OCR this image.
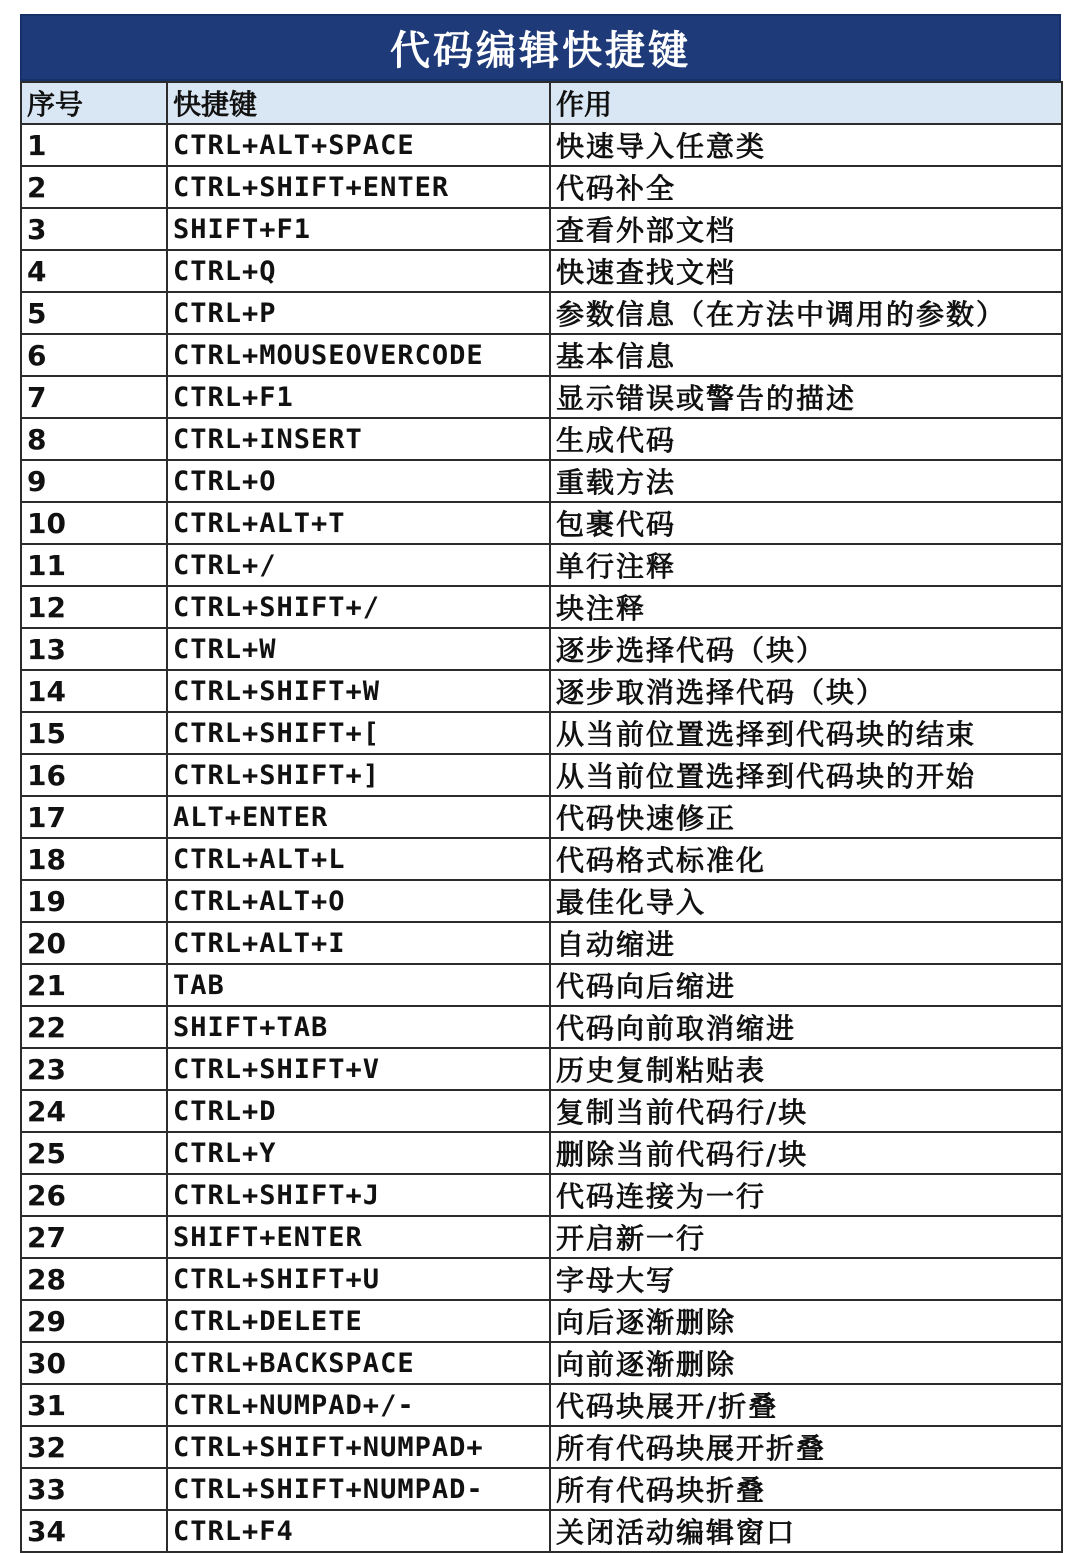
代码编辑快捷键
序号	快捷键	作用
1	CTRL+ALT+SPACE	快速导入任意类
2	CTRL+SHIFT+ENTER	代码补全
3	SHIFT+F1	查看外部文档
4	CTRL+Q	快速查找文档
5	CTRL+P	参数信息（在方法中调用的参数）
6	CTRL+MOUSEOVERCODE	基本信息
7	CTRL+F1	显示错误或警告的描述
8	CTRL+INSERT	生成代码
9	CTRL+O	重载方法
10	CTRL+ALT+T	包裹代码
11	CTRL+/	单行注释
12	CTRL+SHIFT+/	块注释
13	CTRL+W	逐步选择代码（块）
14	CTRL+SHIFT+W	逐步取消选择代码（块）
15	CTRL+SHIFT+[	从当前位置选择到代码块的结束
16	CTRL+SHIFT+]	从当前位置选择到代码块的开始
17	ALT+ENTER	代码快速修正
18	CTRL+ALT+L	代码格式标准化
19	CTRL+ALT+O	最佳化导入
20	CTRL+ALT+I	自动缩进
21	TAB	代码向后缩进
22	SHIFT+TAB	代码向前取消缩进
23	CTRL+SHIFT+V	历史复制粘贴表
24	CTRL+D	复制当前代码行/块
25	CTRL+Y	删除当前代码行/块
26	CTRL+SHIFT+J	代码连接为一行
27	SHIFT+ENTER	开启新一行
28	CTRL+SHIFT+U	字母大写
29	CTRL+DELETE	向后逐渐删除
30	CTRL+BACKSPACE	向前逐渐删除
31	CTRL+NUMPAD+/-	代码块展开/折叠
32	CTRL+SHIFT+NUMPAD+	所有代码块展开折叠
33	CTRL+SHIFT+NUMPAD-	所有代码块折叠
34	CTRL+F4	关闭活动编辑窗口
